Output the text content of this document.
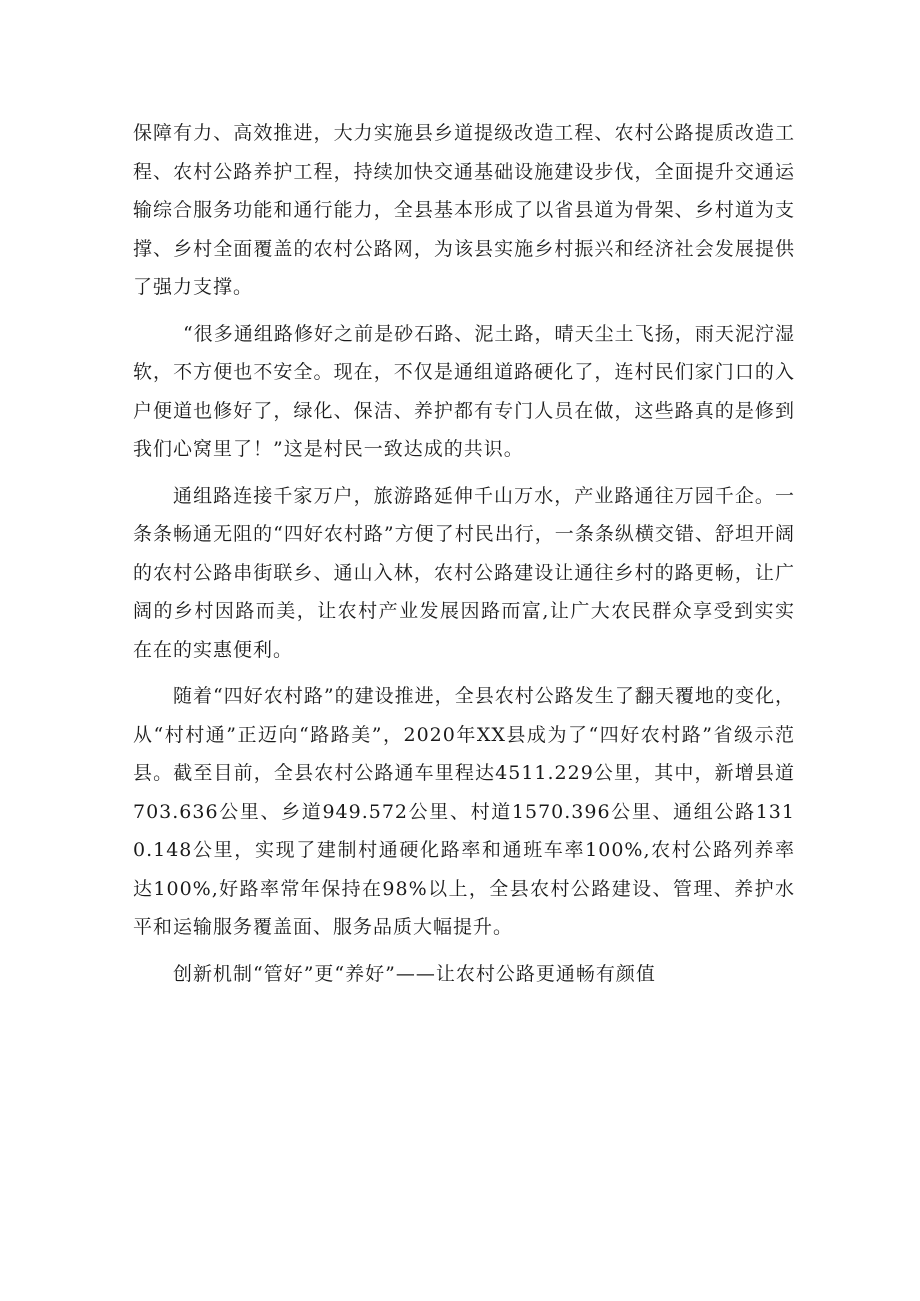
保障有力、高效推进，大力实施县乡道提级改造工程、农村公路提质改造工程、农村公路养护工程，持续加快交通基础设施建设步伐，全面提升交通运输综合服务功能和通行能力，全县基本形成了以省县道为骨架、乡村道为支撑、乡村全面覆盖的农村公路网，为该县实施乡村振兴和经济社会发展提供了强力支撑。

“很多通组路修好之前是砂石路、泥土路，晴天尘土飞扬，雨天泥泞湿软，不方便也不安全。现在，不仅是通组道路硬化了，连村民们家门口的入户便道也修好了，绿化、保洁、养护都有专门人员在做，这些路真的是修到我们心窝里了！”这是村民一致达成的共识。

通组路连接千家万户，旅游路延伸千山万水，产业路通往万园千企。一条条畅通无阻的“四好农村路”方便了村民出行，一条条纵横交错、舒坦开阔的农村公路串街联乡、通山入林，农村公路建设让通往乡村的路更畅，让广阔的乡村因路而美，让农村产业发展因路而富,让广大农民群众享受到实实在在的实惠便利。

随着“四好农村路”的建设推进，全县农村公路发生了翻天覆地的变化，从“村村通”正迈向“路路美”，2020年XX县成为了“四好农村路”省级示范县。截至目前，全县农村公路通车里程达4511.229公里，其中，新增县道703.636公里、乡道949.572公里、村道1570.396公里、通组公路1310.148公里，实现了建制村通硬化路率和通班车率100%,农村公路列养率达100%,好路率常年保持在98%以上，全县农村公路建设、管理、养护水平和运输服务覆盖面、服务品质大幅提升。

创新机制“管好”更“养好”——让农村公路更通畅有颜值
